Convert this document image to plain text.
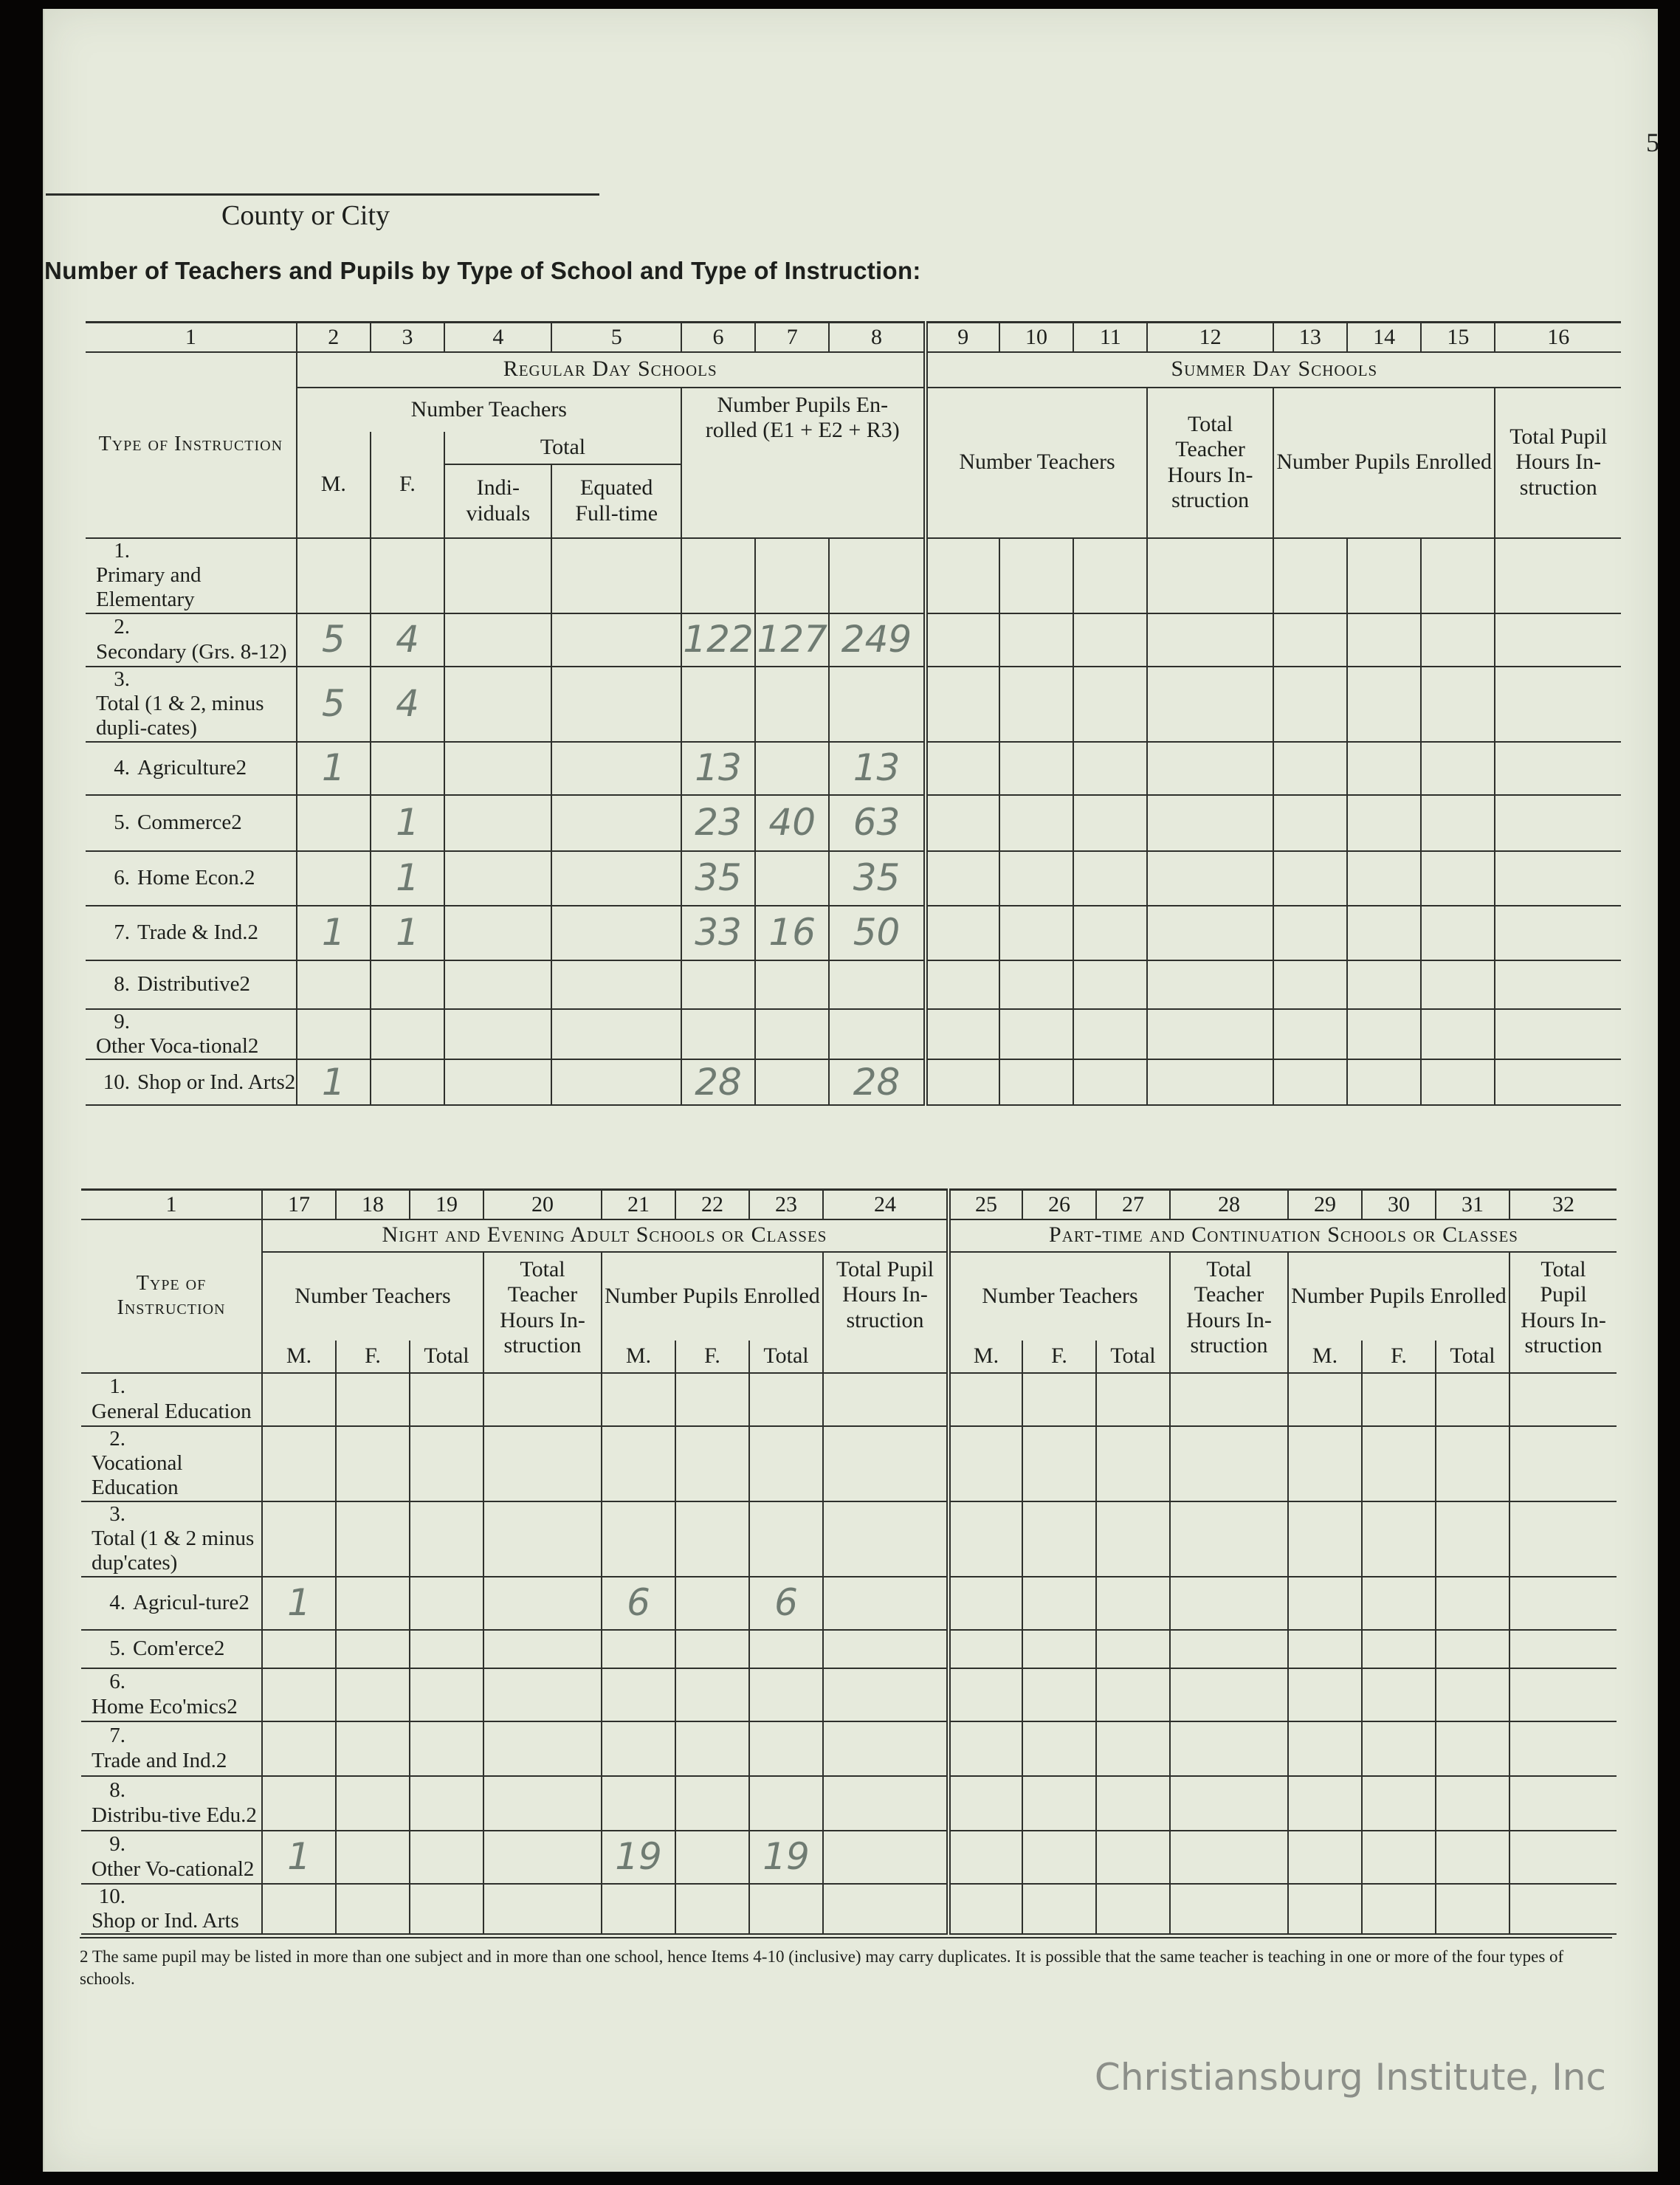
5
County or City
Number of Teachers and Pupils by Type of School and Type of Instruction:
1	2	3	4	5	6	7	8	9	10	11	12	13	14	15	16
Type of Instruction	Regular Day Schools							Summer Day Schools							
	Number Teachers				Number Pupils En-rolled (E1 + E2 + R3)			Number Teachers			Total Teacher Hours In-struction	Number Pupils Enrolled			Total Pupil Hours In-struction
	M.	F.	Total												
			Indi-viduals	Equated Full-time											

1.Primary and Elementary															
2.Secondary (Grs. 8-12)	5	4			122	127	249								
3.Total (1 & 2, minus dupli-cates)	5	4													
4. Agriculture2	1				13		13								
5. Commerce2		1			23	40	63								
6. Home Econ.2		1			35		35								
7. Trade & Ind.2	1	1			33	16	50								
8. Distributive2															
9.Other Voca-tional2															
10. Shop or Ind. Arts2	1				28		28								
1	17	18	19	20	21	22	23	24	25	26	27	28	29	30	31	32
Type of Instruction	Night and Evening Adult Schools or Classes								Part-time and Continuation Schools or Classes							
	Number Teachers			Total Teacher Hours In-struction	Number Pupils Enrolled			Total Pupil Hours In-struction	Number Teachers			Total Teacher Hours In-struction	Number Pupils Enrolled			Total Pupil Hours In-struction
	M.	F.	Total		M.	F.	Total		M.	F.	Total		M.	F.	Total	
1.General Education																
2.Vocational Education																
3.Total (1 & 2 minus dup'cates)																
4. Agricul-ture2	1				6		6									
5. Com'erce2																
6.Home Eco'mics2																
7.Trade and Ind.2																
8.Distribu-tive Edu.2																
9.Other Vo-cational2	1				19		19									
10.Shop or Ind. Arts																
2 The same pupil may be listed in more than one subject and in more than one school, hence Items 4-10 (inclusive) may carry duplicates. It is possible that the same teacher is teaching in one or more of the four types of schools.
Christiansburg Institute, Inc
